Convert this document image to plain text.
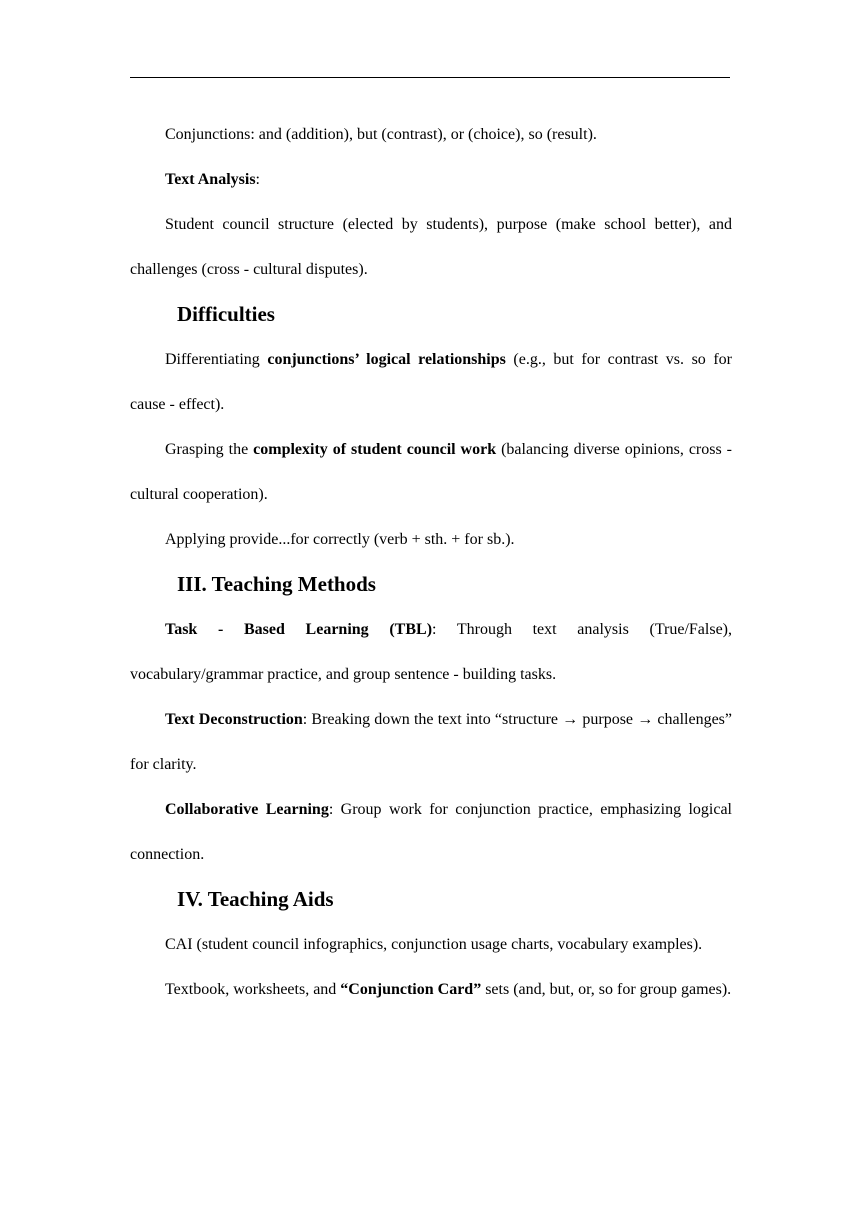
Conjunctions: and (addition), but (contrast), or (choice), so (result).

Text Analysis:

Student council structure (elected by students), purpose (make school better), and challenges (cross - cultural disputes).

Difficulties

Differentiating conjunctions’ logical relationships (e.g., but for contrast vs. so for cause - effect).

Grasping the complexity of student council work (balancing diverse opinions, cross - cultural cooperation).

Applying provide...for correctly (verb + sth. + for sb.).

III. Teaching Methods

Task - Based Learning (TBL): Through text analysis (True/False), vocabulary/grammar practice, and group sentence - building tasks.

Text Deconstruction: Breaking down the text into “structure → purpose → challenges” for clarity.

Collaborative Learning: Group work for conjunction practice, emphasizing logical connection.

IV. Teaching Aids

CAI (student council infographics, conjunction usage charts, vocabulary examples).

Textbook, worksheets, and “Conjunction Card” sets (and, but, or, so for group games).
